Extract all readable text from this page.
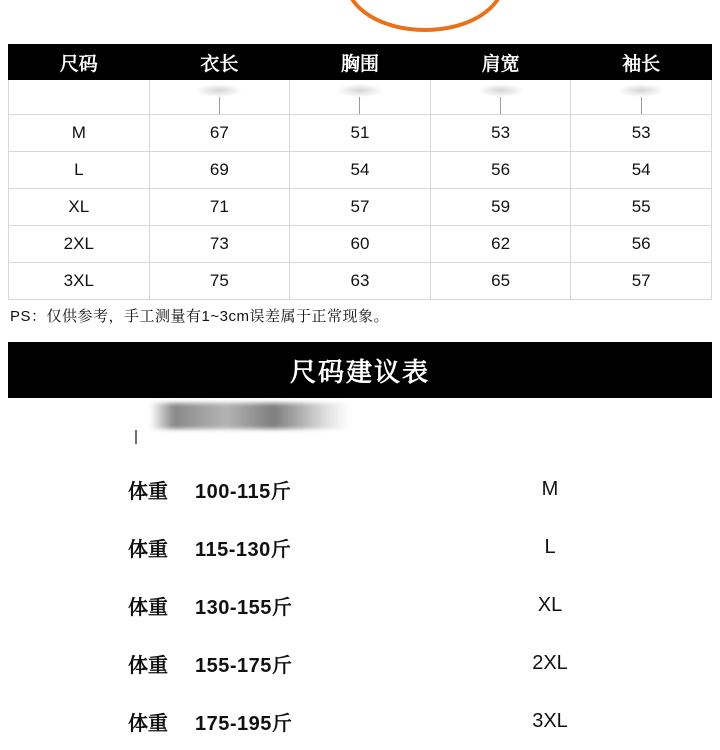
尺码	衣长	胸围	肩宽	袖长

M	67	51	53	53
L	69	54	56	54
XL	71	57	59	55
2XL	73	60	62	56
3XL	75	63	65	57
PS：仅供参考，手工测量有1~3cm误差属于正常现象。
尺码建议表
体重 100-115斤	M
体重 115-130斤	L
体重 130-155斤	XL
体重 155-175斤	2XL
体重 175-195斤	3XL
